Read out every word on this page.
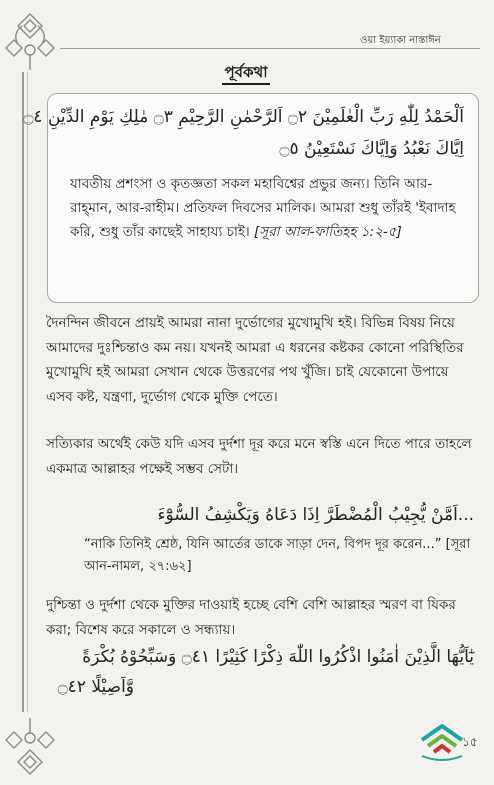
ওয়া ইয়্যাকা নাস্তাঈন
পূর্বকথা
اَلْحَمْدُ لِلّٰهِ رَبِّ الْعٰلَمِيْنَ ۝٢ اَلرَّحْمٰنِ الرَّحِيْمِ ۝٣ مٰلِكِ يَوْمِ الدِّيْنِ ۝٤
اِيَّاكَ نَعْبُدُ وَاِيَّاكَ نَسْتَعِيْنُ ۝٥
যাবতীয় প্রশংসা ও কৃতজ্ঞতা সকল মহাবিশ্বের প্রভুর জন্য। তিনি আর-রাহ্‌মান, আর-রাহীম। প্রতিফল দিবসের মালিক। আমরা শুধু তাঁরই 'ইবাদাহ করি, শুধু তাঁর কাছেই সাহায্য চাই। [সূরা আল-ফাতিহহ ১:২-৫]
দৈনন্দিন জীবনে প্রায়ই আমরা নানা দুর্ভোগের মুখোমুখি হই। বিভিন্ন বিষয় নিয়ে আমাদের দুঃশ্চিন্তাও কম নয়। যখনই আমরা এ ধরনের কষ্টকর কোনো পরিস্থিতির মুখোমুখি হই আমরা সেখান থেকে উত্তরণের পথ খুঁজি। চাই যেকোনো উপায়ে এসব কষ্ট, যন্ত্রণা, দুর্ভোগ থেকে মুক্তি পেতে।
সত্যিকার অর্থেই কেউ যদি এসব দুর্দশা দূর করে মনে স্বস্তি এনে দিতে পারে তাহলে একমাত্র আল্লাহর পক্ষেই সম্ভব সেটা।
...اَمَّنْ يُّجِيْبُ الْمُضْطَرَّ اِذَا دَعَاهُ وَيَكْشِفُ السُّوْٓءَ
“নাকি তিনিই শ্রেষ্ঠ, যিনি আর্তের ডাকে সাড়া দেন, বিপদ দূর করেন...” [সূরা আন-নামল, ২৭:৬২]
দুশ্চিন্তা ও দুর্দশা থেকে মুক্তির দাওয়াই হচ্ছে বেশি বেশি আল্লাহর স্মরণ বা যিকর করা; বিশেষ করে সকালে ও সন্ধ্যায়।
يٰٓاَيُّهَا الَّذِيْنَ اٰمَنُوا اذْكُرُوا اللّٰهَ ذِكْرًا كَثِيْرًا ۝٤١ وَسَبِّحُوْهُ بُكْرَةً
وَّاَصِيْلًا ۝٤٢
১৫
